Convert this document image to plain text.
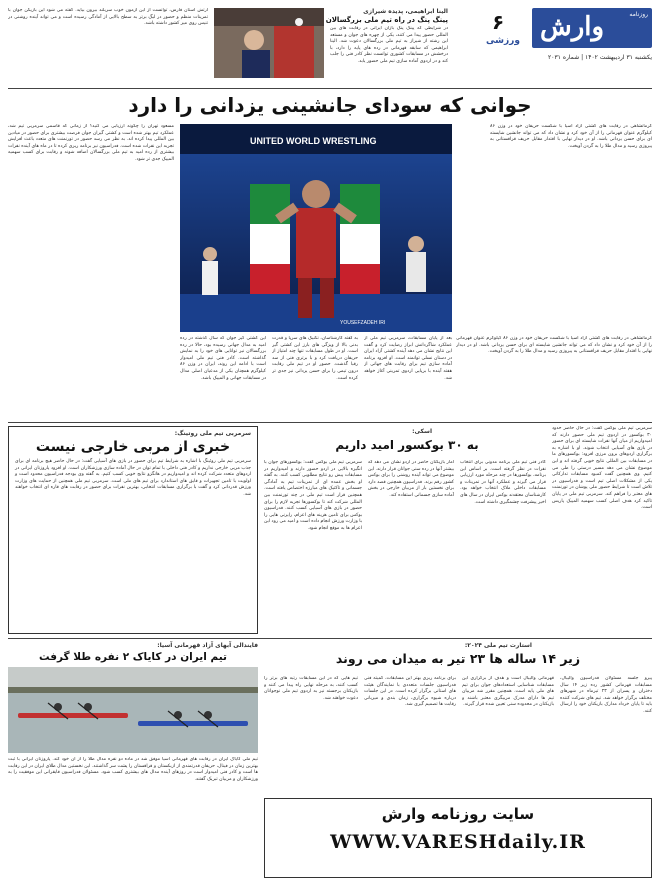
روزنامه
وارش
۶
ورزشی
یکشنبه ۳۱ اردیبهشت ۱۴۰۲ | شماره ۲۰۳۱
الینا ابراهیمی، پدیده شیرازی
پینگ پنگ در راه تیم ملی بزرگسالان
در شرایطی که پینگ پنگ بازان ایرانی در رقابت های بین المللی حضور پیدا می کنند، یکی از چهره های جوان و مستعد این رشته از شیراز به تیم ملی بزرگسالان دعوت شد. الینا ابراهیمی که سابقه قهرمانی در رده های پایه را دارد، با درخشش در مسابقات کشوری توانست نظر کادر فنی را جلب کند و در اردوی آماده سازی تیم ملی حضور یابد.
ارتش استان فارس، توانست از این آزمون خوب سربلند بیرون بیاید. گفته می شود این بازیکن جوان با تمرینات منظم و حضور در لیگ برتر به سطح بالایی از آمادگی رسیده است و می تواند آینده روشنی در تنیس روی میز کشور داشته باشد.
جوانی که سودای جانشینی یزدانی را دارد
UNITED WORLD WRESTLING
YOUSEFZADEH IRI
کرمانشاهی در رقابت های کشتی آزاد آسیا با شکست حریفان خود در وزن ۸۶ کیلوگرم عنوان قهرمانی را از آن خود کرد و نشان داد که می تواند جانشین شایسته ای برای حسن یزدانی باشد. او در دیدار نهایی با اقتدار مقابل حریف قزاقستانی به پیروزی رسید و مدال طلا را به گردن آویخت.
مسعود تهران را چگونه ارزیابی می کنید؟ از زمانی که قاسمی سرمربی تیم شد، عملکرد تیم بهتر شده است و کشتی گیران جوان فرصت بیشتری برای حضور در میادین بین المللی پیدا کرده اند. به نظر می رسد حضور در تورنمنت های متعدد باعث افزایش تجربه این نفرات شده است. فدراسیون نیز برنامه ریزی کرده تا در ماه های آینده نفرات بیشتری از رده امید به تیم ملی بزرگسالان اضافه شوند و رقابت برای کسب سهمیه المپیک جدی تر شود.
این کشتی گیر جوان که سال گذشته در رده امید به مدال جهانی رسیده بود، حالا در رده بزرگسالان نیز توانایی های خود را به نمایش گذاشته است. کادر فنی تیم ملی امیدوار است با ادامه این روند، ایران در وزن ۸۶ کیلوگرم همچنان یکی از مدعیان اصلی مدال در مسابقات جهانی و المپیک باشد.
به گفته کارشناسان، تکنیک های سرپا و قدرت بدنی بالا از ویژگی های بارز این کشتی گیر است. او در طول مسابقات تنها چند امتیاز از حریفان دریافت کرد و با برتری فنی از سد رقبا گذشت. حضور او در تیم ملی رقابت درون تیمی را برای حسن یزدانی نیز جدی تر کرده است.
بعد از پایان مسابقات، سرمربی تیم ملی از عملکرد شاگردانش ابراز رضایت کرد و گفت این نتایج نشان می دهد آینده کشتی آزاد ایران در دستان نسلی توانمند است. او افزود برنامه آماده سازی تیم برای رقابت های جهانی از هفته آینده با برپایی اردوی تمرینی آغاز خواهد شد.
کرمانشاهی در رقابت های کشتی آزاد آسیا با شکست حریفان خود در وزن ۸۶ کیلوگرم عنوان قهرمانی را از آن خود کرد و نشان داد که می تواند جانشین شایسته ای برای حسن یزدانی باشد. او در دیدار نهایی با اقتدار مقابل حریف قزاقستانی به پیروزی رسید و مدال طلا را به گردن آویخت.
سرمربی تیم ملی روتینگ:
خبری از مربی خارجی نیست
سرمربی تیم ملی روئینگ با اشاره به شرایط تیم برای حضور در بازی های آسیایی گفت: در حال حاضر هیچ برنامه ای برای جذب مربی خارجی نداریم و کادر فنی داخلی با تمام توان در حال آماده سازی ورزشکاران است. او افزود پاروزنان ایرانی در اردوهای متعدد شرکت کرده اند و امیدواریم در هانگژو نتایج خوبی کسب کنیم. به گفته وی بودجه فدراسیون محدود است و اولویت با تامین تجهیزات و قایق های استاندارد برای تیم های ملی است. سرمربی تیم ملی همچنین از حمایت های وزارت ورزش قدردانی کرد و گفت با برگزاری مسابقات انتخابی، بهترین نفرات برای حضور در رقابت های قاره ای انتخاب خواهند شد.
اسکی:
به ۳۰ بوکسور امید داریم
سرمربی تیم ملی بوکس گفت: در حال حاضر حدود ۳۰ بوکسور در اردوی تیم ملی حضور دارند که امیدواریم از میان آنها نفرات شایسته ای برای حضور در بازی های آسیایی انتخاب شوند. او با اشاره به برگزاری اردوهای برون مرزی افزود: بوکسورهای ما در مسابقات بین المللی نتایج خوبی گرفته اند و این موضوع نشان می دهد مسیر درستی را طی می کنیم. وی همچنین گفت کمبود مسابقات تدارکاتی یکی از مشکلات اصلی تیم است و فدراسیون در تلاش است تا شرایط حضور ملی پوشان در تورنمنت های معتبر را فراهم کند. سرمربی تیم ملی در پایان تاکید کرد هدف اصلی کسب سهمیه المپیک پاریس است.
کادر فنی تیم ملی برنامه مدونی برای انتخاب نفرات در نظر گرفته است. بر اساس این برنامه، بوکسورها در چند مرحله مورد ارزیابی قرار می گیرند و عملکرد آنها در تمرینات و مسابقات داخلی ملاک انتخاب خواهد بود. کارشناسان معتقدند بوکس ایران در سال های اخیر پیشرفت چشمگیری داشته است.
آمار بازیکنان حاضر در اردو نشان می دهد که بیشتر آنها در رده سنی جوانان قرار دارند. این موضوع می تواند آینده روشنی را برای بوکس کشور رقم بزند. فدراسیون همچنین قصد دارد برای نخستین بار از مربیان خارجی در بخش آماده سازی جسمانی استفاده کند.
سرمربی تیم ملی بوکس گفت: بوکسورهای جوان با انگیزه بالایی در اردو حضور دارند و امیدواریم در مسابقات پیش رو نتایج مطلوبی کسب کنند. به گفته او بخش عمده ای از تمرینات تیم به آمادگی جسمانی و تاکتیک های مبارزه اختصاص یافته است. همچنین قرار است تیم ملی در چند تورنمنت بین المللی شرکت کند تا بوکسورها تجربه لازم را برای حضور در بازی های آسیایی کسب کنند. فدراسیون بوکس برای تامین هزینه های اعزام، رایزنی هایی را با وزارت ورزش انجام داده است و امید می رود این اعزام ها به موقع انجام شود.
فایندالی آبهای آزاد قهرمانی آسیا:
تیم ایران در کایاک ۲ نفره طلا گرفت
تیم ملی کایاک ایران در رقابت های قهرمانی آسیا موفق شد در ماده دو نفره مدال طلا را از آن خود کند. پاروزنان ایرانی با ثبت بهترین زمان در فینال، حریفان قدرتمندی از ازبکستان و قزاقستان را پشت سر گذاشتند. این نخستین مدال طلای ایران در این رقابت ها است و کادر فنی امیدوار است در روزهای آینده مدال های بیشتری کسب شود. مسئولان فدراسیون قایقرانی این موفقیت را به ورزشکاران و مربیان تبریک گفتند.
استارت تیم ملی ۲۰۲۴:
زیر ۱۴ ساله ها ۲۳ تیر به میدان می روند
پیرو جلسه مسئولان فدراسیون والیبال، مسابقات قهرمانی کشور رده زیر ۱۴ سال دختران و پسران از ۲۳ تیرماه در شهرهای مختلف برگزار خواهد شد. تیم های شرکت کننده باید تا پایان خرداد مدارک بازیکنان خود را ارسال کنند.
قهرمانی والیبال است و هدف از برگزاری این مسابقات شناسایی استعدادهای جوان برای تیم های ملی پایه است. همچنین مقرر شد مربیان تیم ها دارای مدرک مربیگری معتبر باشند و بازیکنان در محدوده سنی تعیین شده قرار گیرند.
برای برنامه ریزی بهتر این مسابقات، کمیته فنی فدراسیون جلسات متعددی با نمایندگان هیئت های استانی برگزار کرده است. در این جلسات درباره شیوه برگزاری، زمان بندی و میزبانی رقابت ها تصمیم گیری شد.
تیم هایی که در این مسابقات رتبه های برتر را کسب کنند، به مرحله نهایی راه پیدا می کنند و بازیکنان برجسته نیز به اردوی تیم ملی نوجوانان دعوت خواهند شد.
سایت روزنامه وارش
WWW.VARESHdaily.IR
